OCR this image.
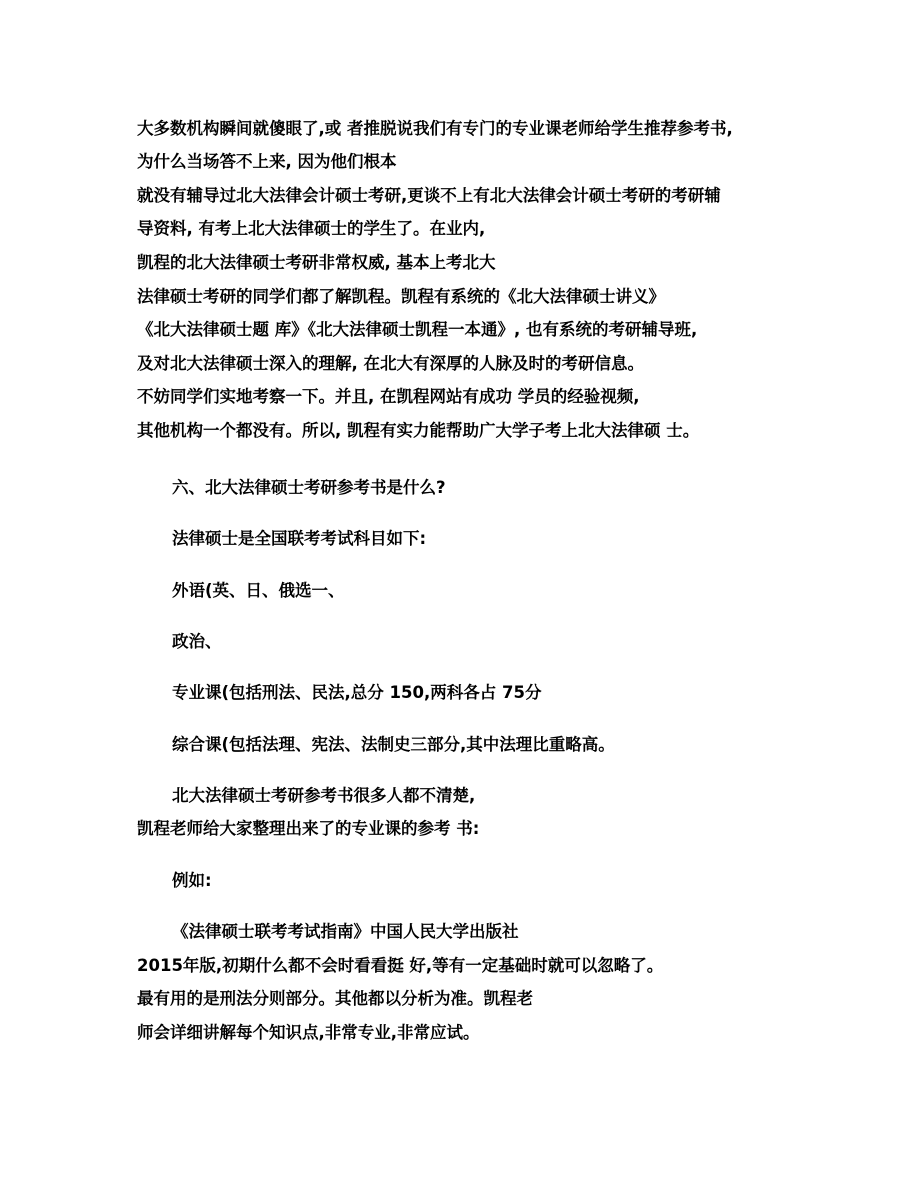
大多数机构瞬间就傻眼了,或 者推脱说我们有专门的专业课老师给学生推荐参考书,
为什么当场答不上来, 因为他们根本
就没有辅导过北大法律会计硕士考研,更谈不上有北大法律会计硕士考研的考研辅
导资料, 有考上北大法律硕士的学生了。在业内,
凯程的北大法律硕士考研非常权威, 基本上考北大
法律硕士考研的同学们都了解凯程。凯程有系统的《北大法律硕士讲义》
《北大法律硕士题 库》《北大法律硕士凯程一本通》, 也有系统的考研辅导班,
及对北大法律硕士深入的理解, 在北大有深厚的人脉及时的考研信息。
不妨同学们实地考察一下。并且, 在凯程网站有成功 学员的经验视频,
其他机构一个都没有。所以, 凯程有实力能帮助广大学子考上北大法律硕 士。
六、北大法律硕士考研参考书是什么?
法律硕士是全国联考考试科目如下:
外语(英、日、俄选一、
政治、
专业课(包括刑法、民法,总分 150,两科各占 75分
综合课(包括法理、宪法、法制史三部分,其中法理比重略高。
北大法律硕士考研参考书很多人都不清楚,
凯程老师给大家整理出来了的专业课的参考 书:
例如:
《法律硕士联考考试指南》中国人民大学出版社
2015年版,初期什么都不会时看看挺 好,等有一定基础时就可以忽略了。
最有用的是刑法分则部分。其他都以分析为准。凯程老
师会详细讲解每个知识点,非常专业,非常应试。
